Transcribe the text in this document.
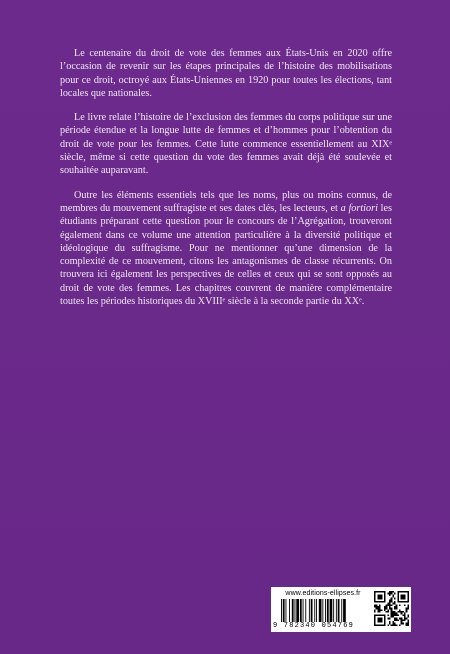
Le centenaire du droit de vote des femmes aux États-Unis en 2020 offre l’occasion de revenir sur les étapes principales de l’histoire des mobilisations pour ce droit, octroyé aux États-Uniennes en 1920 pour toutes les élections, tant locales que nationales.

Le livre relate l’histoire de l’exclusion des femmes du corps politique sur une période étendue et la longue lutte de femmes et d’hommes pour l’obtention du droit de vote pour les femmes. Cette lutte commence essentiellement au XIXᵉ siècle, même si cette question du vote des femmes avait déjà été soulevée et souhaitée auparavant.

Outre les éléments essentiels tels que les noms, plus ou moins connus, de membres du mouvement suffragiste et ses dates clés, les lecteurs, et a fortiori les étudiants préparant cette question pour le concours de l’Agrégation, trouveront également dans ce volume une attention particulière à la diversité politique et idéologique du suffragisme. Pour ne mentionner qu’une dimension de la complexité de ce mouvement, citons les antagonismes de classe récurrents. On trouvera ici également les perspectives de celles et ceux qui se sont opposés au droit de vote des femmes. Les chapitres couvrent de manière complémentaire toutes les périodes historiques du XVIIIᵉ siècle à la seconde partie du XXᵉ.

www.editions-ellipses.fr
9 782340 054769
